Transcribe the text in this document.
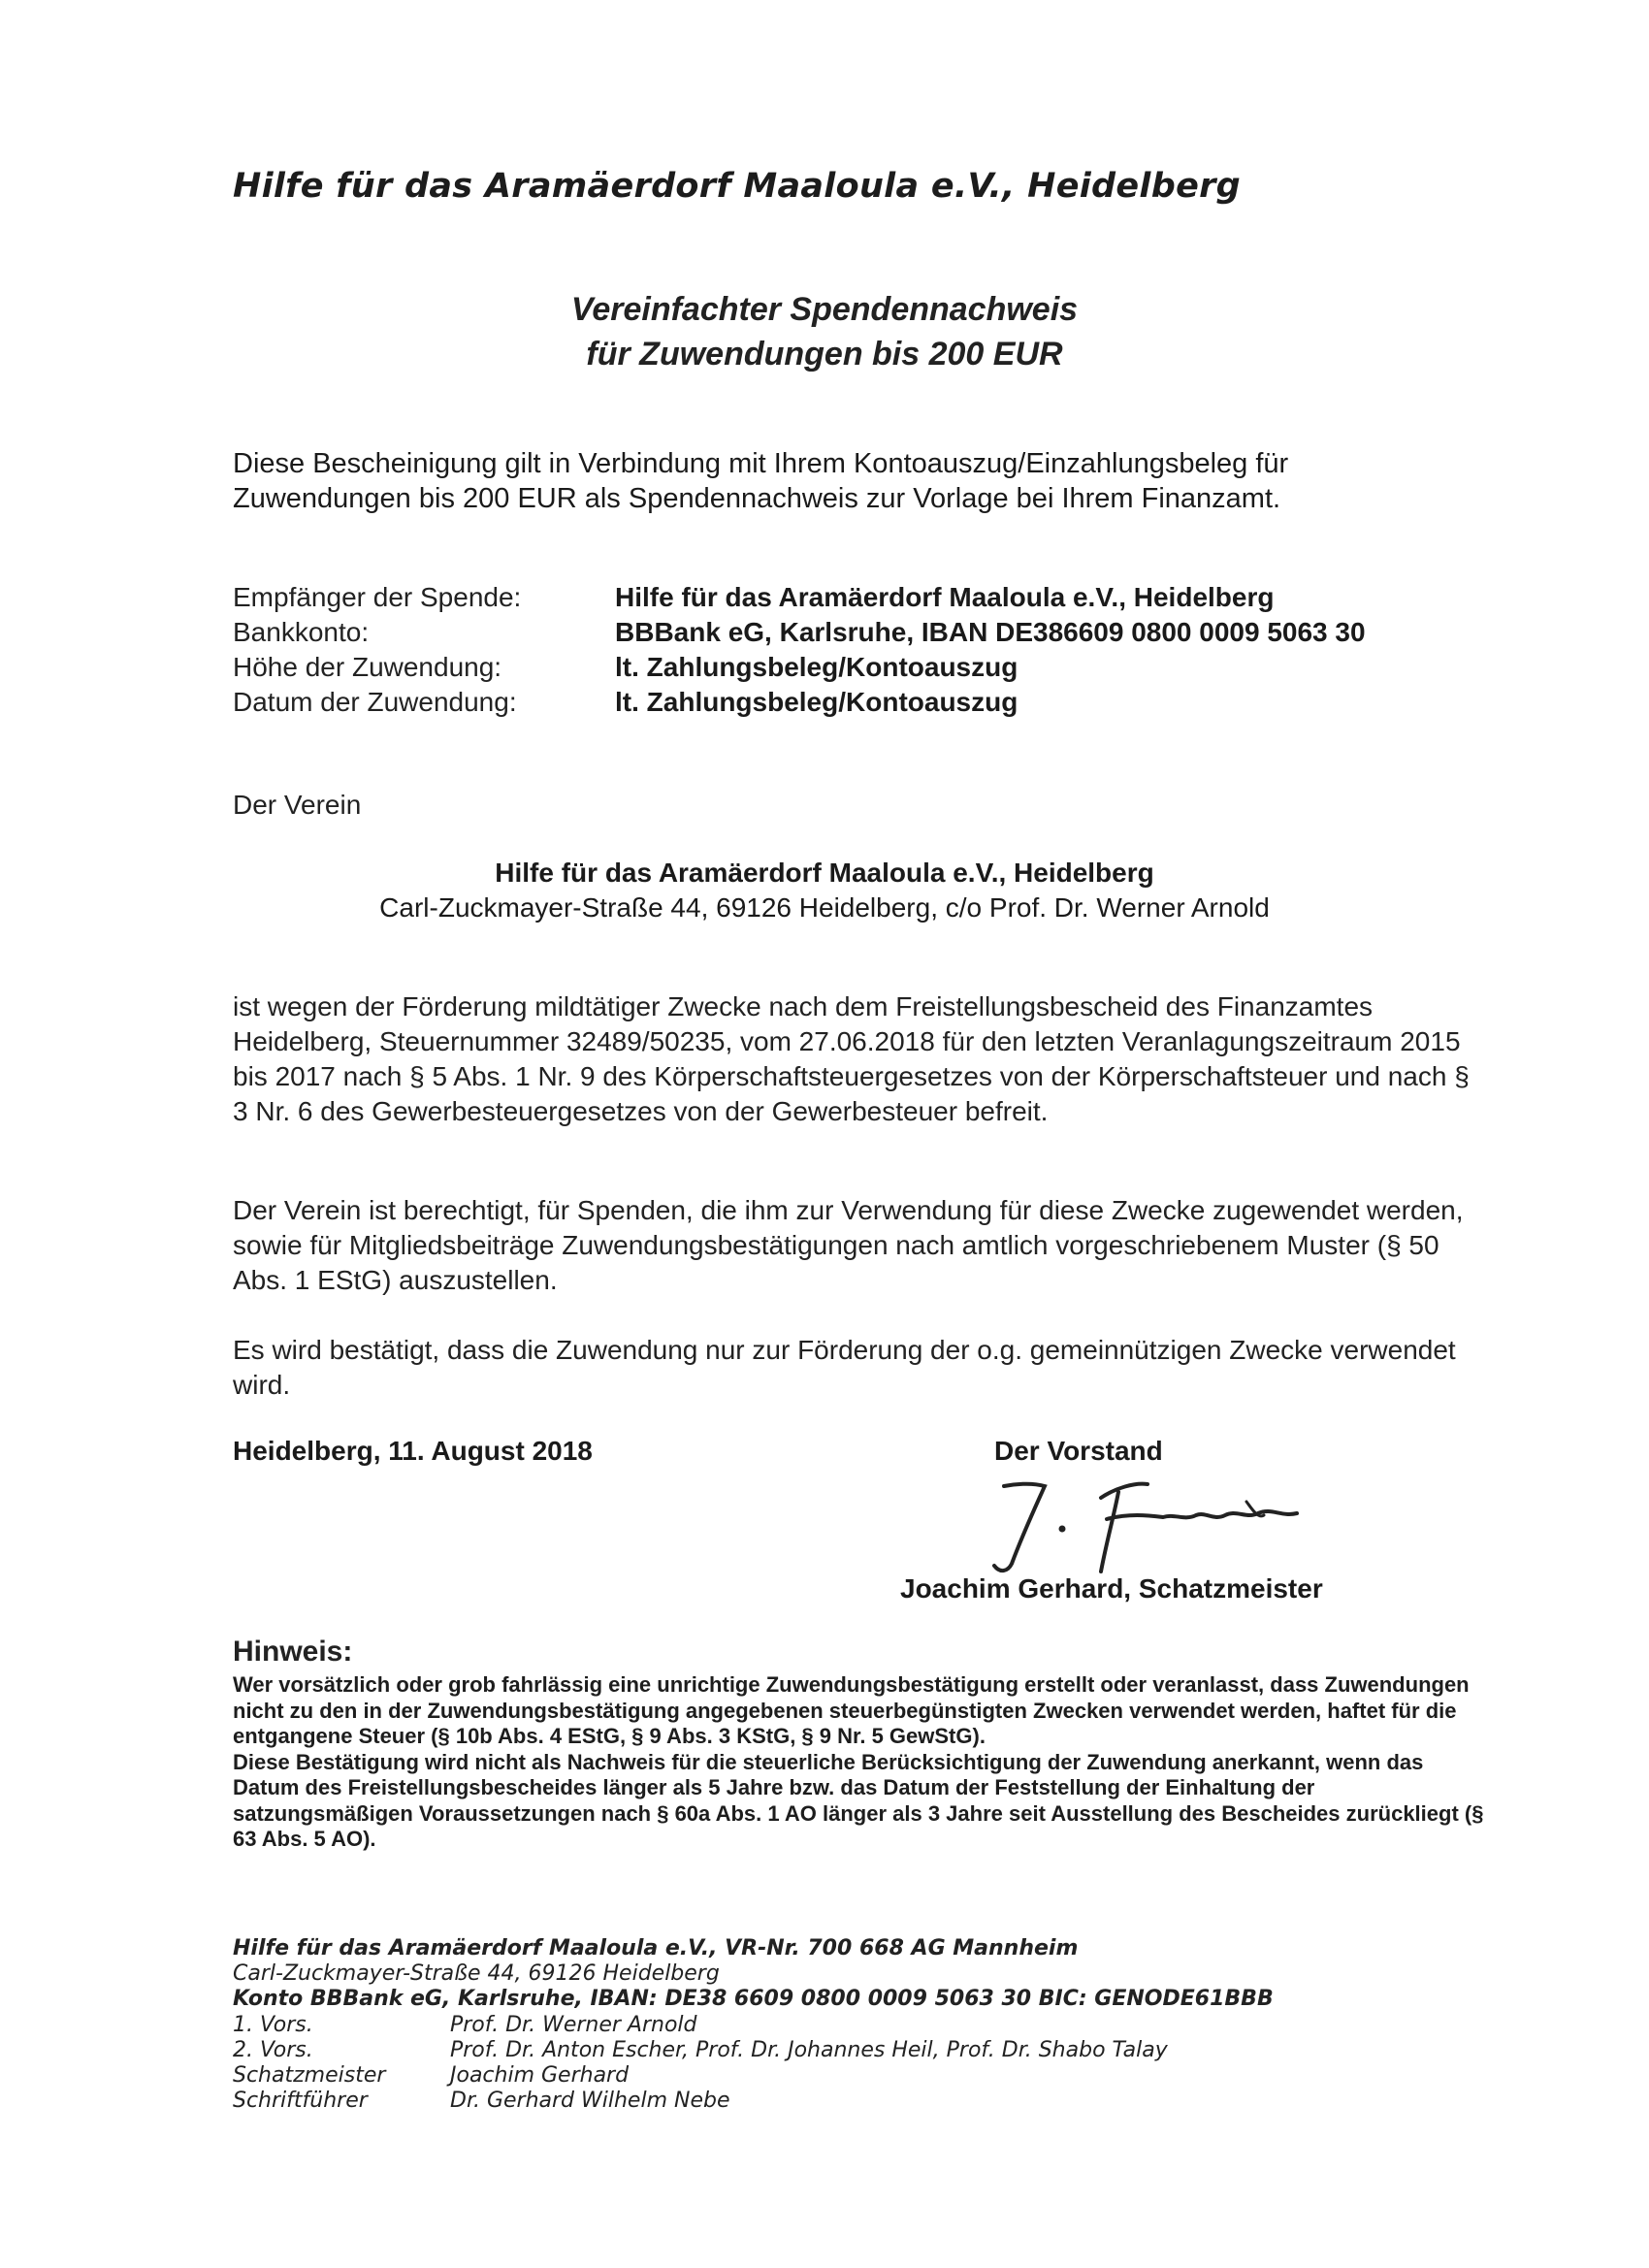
Hilfe für das Aramäerdorf Maaloula e.V., Heidelberg
Vereinfachter Spendennachweis
für Zuwendungen bis 200 EUR
Diese Bescheinigung gilt in Verbindung mit Ihrem Kontoauszug/Einzahlungsbeleg für Zuwendungen bis 200 EUR als Spendennachweis zur Vorlage bei Ihrem Finanzamt.
Empfänger der Spende:	Hilfe für das Aramäerdorf Maaloula e.V., Heidelberg
Bankkonto:	BBBank eG, Karlsruhe, IBAN DE386609 0800 0009 5063 30
Höhe der Zuwendung:	lt. Zahlungsbeleg/Kontoauszug
Datum der Zuwendung:	lt. Zahlungsbeleg/Kontoauszug
Der Verein
Hilfe für das Aramäerdorf Maaloula e.V., Heidelberg
Carl-Zuckmayer-Straße 44, 69126 Heidelberg, c/o Prof. Dr. Werner Arnold
ist wegen der Förderung mildtätiger Zwecke nach dem Freistellungsbescheid des Finanzamtes Heidelberg, Steuernummer 32489/50235, vom 27.06.2018 für den letzten Veranlagungszeitraum 2015 bis 2017 nach § 5 Abs. 1 Nr. 9 des Körperschaftsteuergesetzes von der Körperschaftsteuer und nach § 3 Nr. 6 des Gewerbesteuergesetzes von der Gewerbesteuer befreit.
Der Verein ist berechtigt, für Spenden, die ihm zur Verwendung für diese Zwecke zugewendet werden, sowie für Mitgliedsbeiträge Zuwendungsbestätigungen nach amtlich vorgeschriebenem Muster (§ 50 Abs. 1 EStG) auszustellen.
Es wird bestätigt, dass die Zuwendung nur zur Förderung der o.g. gemeinnützigen Zwecke verwendet wird.
Heidelberg, 11. August 2018	Der Vorstand
Joachim Gerhard, Schatzmeister
Hinweis:
Wer vorsätzlich oder grob fahrlässig eine unrichtige Zuwendungsbestätigung erstellt oder veranlasst, dass Zuwendungen nicht zu den in der Zuwendungsbestätigung angegebenen steuerbegünstigten Zwecken verwendet werden, haftet für die entgangene Steuer (§ 10b Abs. 4 EStG, § 9 Abs. 3 KStG, § 9 Nr. 5 GewStG).
Diese Bestätigung wird nicht als Nachweis für die steuerliche Berücksichtigung der Zuwendung anerkannt, wenn das Datum des Freistellungsbescheides länger als 5 Jahre bzw. das Datum der Feststellung der Einhaltung der satzungsmäßigen Voraussetzungen nach § 60a Abs. 1 AO länger als 3 Jahre seit Ausstellung des Bescheides zurückliegt (§ 63 Abs. 5 AO).
Hilfe für das Aramäerdorf Maaloula e.V., VR-Nr. 700 668 AG Mannheim
Carl-Zuckmayer-Straße 44, 69126 Heidelberg
Konto BBBank eG, Karlsruhe, IBAN: DE38 6609 0800 0009 5063 30 BIC: GENODE61BBB
1. Vors.	Prof. Dr. Werner Arnold
2. Vors.	Prof. Dr. Anton Escher, Prof. Dr. Johannes Heil, Prof. Dr. Shabo Talay
Schatzmeister	Joachim Gerhard
Schriftführer	Dr. Gerhard Wilhelm Nebe
